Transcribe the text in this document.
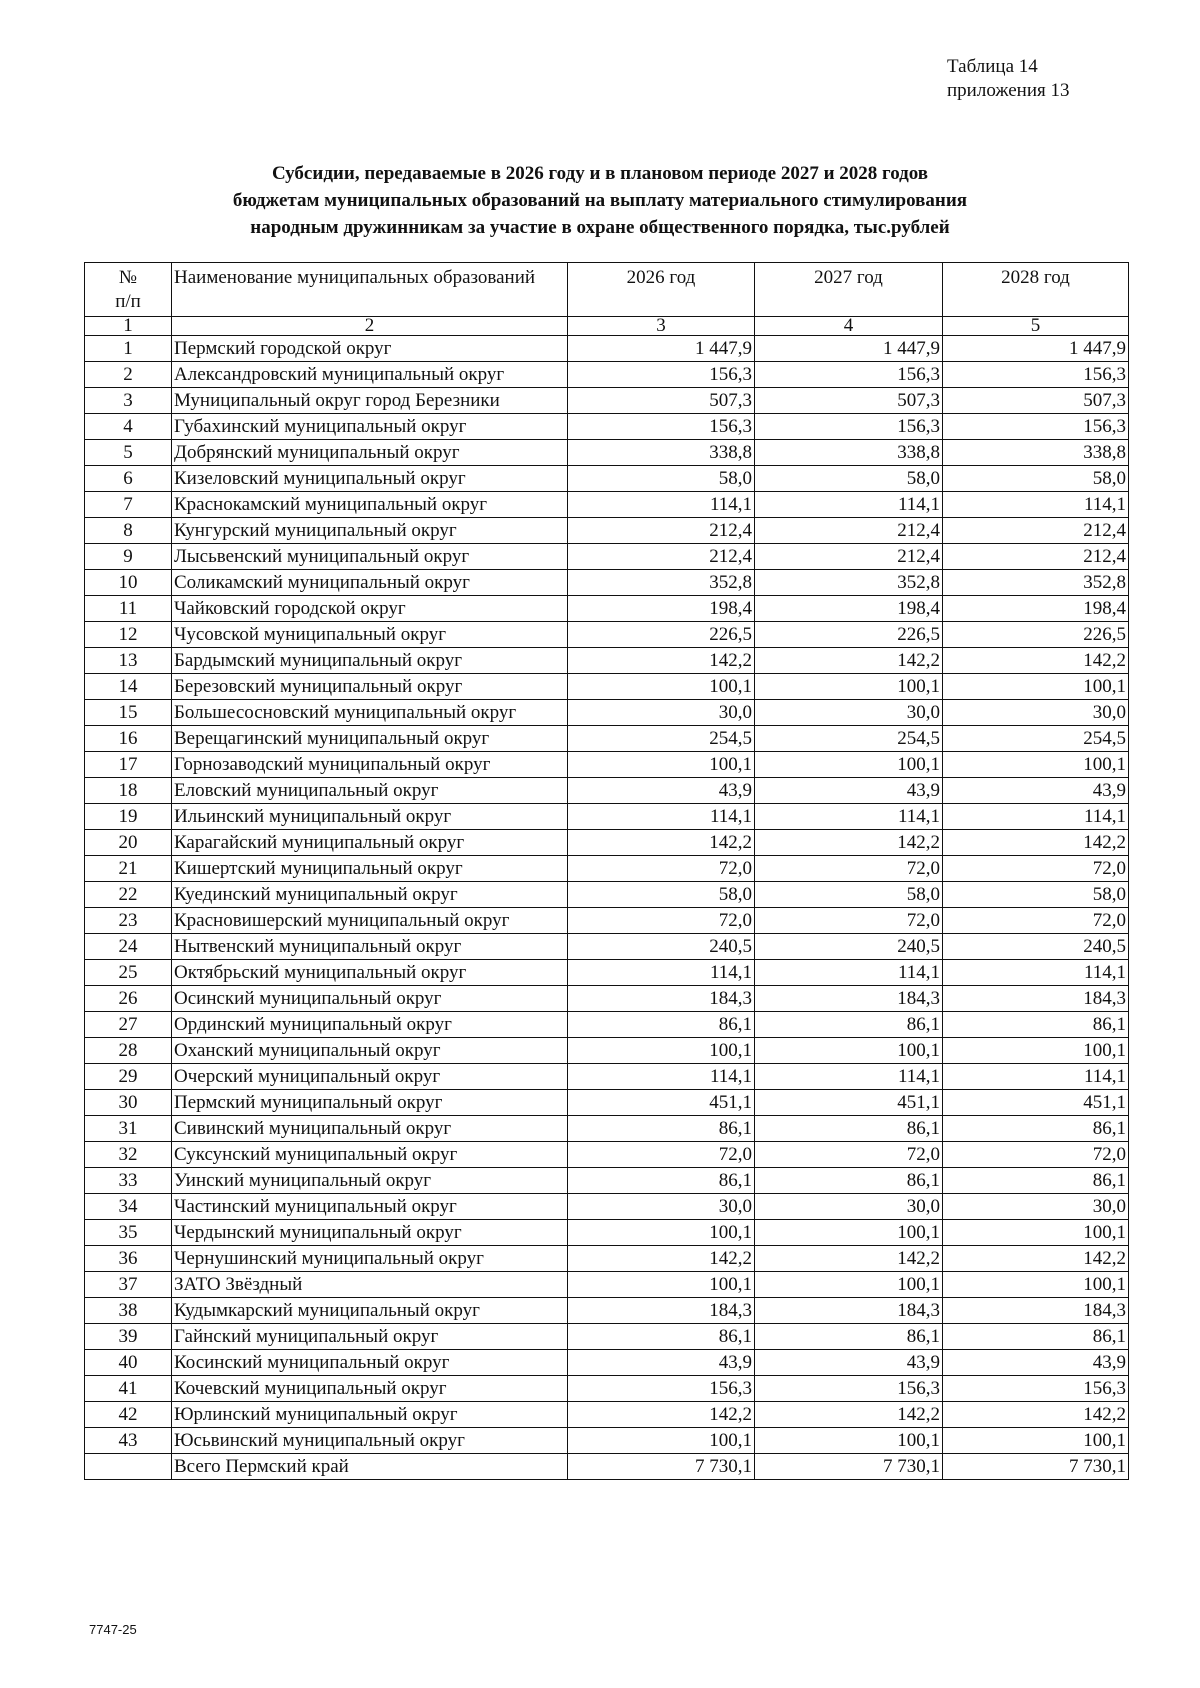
Таблица 14
приложения 13
Субсидии, передаваемые в 2026 году и в плановом периоде 2027 и 2028 годов
бюджетам муниципальных образований на выплату материального стимулирования
народным дружинникам за участие в охране общественного порядка, тыс.рублей
№
п/п	Наименование муниципальных образований	2026 год	2027 год	2028 год
1	2	3	4	5
1	Пермский городской округ	1 447,9	1 447,9	1 447,9
2	Александровский муниципальный округ	156,3	156,3	156,3
3	Муниципальный округ город Березники	507,3	507,3	507,3
4	Губахинский муниципальный округ	156,3	156,3	156,3
5	Добрянский муниципальный округ	338,8	338,8	338,8
6	Кизеловский муниципальный округ	58,0	58,0	58,0
7	Краснокамский муниципальный округ	114,1	114,1	114,1
8	Кунгурский муниципальный округ	212,4	212,4	212,4
9	Лысьвенский муниципальный округ	212,4	212,4	212,4
10	Соликамский муниципальный округ	352,8	352,8	352,8
11	Чайковский городской округ	198,4	198,4	198,4
12	Чусовской муниципальный округ	226,5	226,5	226,5
13	Бардымский муниципальный округ	142,2	142,2	142,2
14	Березовский муниципальный округ	100,1	100,1	100,1
15	Большесосновский муниципальный округ	30,0	30,0	30,0
16	Верещагинский муниципальный округ	254,5	254,5	254,5
17	Горнозаводский муниципальный округ	100,1	100,1	100,1
18	Еловский муниципальный округ	43,9	43,9	43,9
19	Ильинский муниципальный округ	114,1	114,1	114,1
20	Карагайский муниципальный округ	142,2	142,2	142,2
21	Кишертский муниципальный округ	72,0	72,0	72,0
22	Куединский муниципальный округ	58,0	58,0	58,0
23	Красновишерский муниципальный округ	72,0	72,0	72,0
24	Нытвенский муниципальный округ	240,5	240,5	240,5
25	Октябрьский муниципальный округ	114,1	114,1	114,1
26	Осинский муниципальный округ	184,3	184,3	184,3
27	Ординский муниципальный округ	86,1	86,1	86,1
28	Оханский муниципальный округ	100,1	100,1	100,1
29	Очерский муниципальный округ	114,1	114,1	114,1
30	Пермский муниципальный округ	451,1	451,1	451,1
31	Сивинский муниципальный округ	86,1	86,1	86,1
32	Суксунский муниципальный округ	72,0	72,0	72,0
33	Уинский муниципальный округ	86,1	86,1	86,1
34	Частинский муниципальный округ	30,0	30,0	30,0
35	Чердынский муниципальный округ	100,1	100,1	100,1
36	Чернушинский муниципальный округ	142,2	142,2	142,2
37	ЗАТО Звёздный	100,1	100,1	100,1
38	Кудымкарский муниципальный округ	184,3	184,3	184,3
39	Гайнский муниципальный округ	86,1	86,1	86,1
40	Косинский муниципальный округ	43,9	43,9	43,9
41	Кочевский муниципальный округ	156,3	156,3	156,3
42	Юрлинский муниципальный округ	142,2	142,2	142,2
43	Юсьвинский муниципальный округ	100,1	100,1	100,1
	Всего Пермский край	7 730,1	7 730,1	7 730,1
7747-25
